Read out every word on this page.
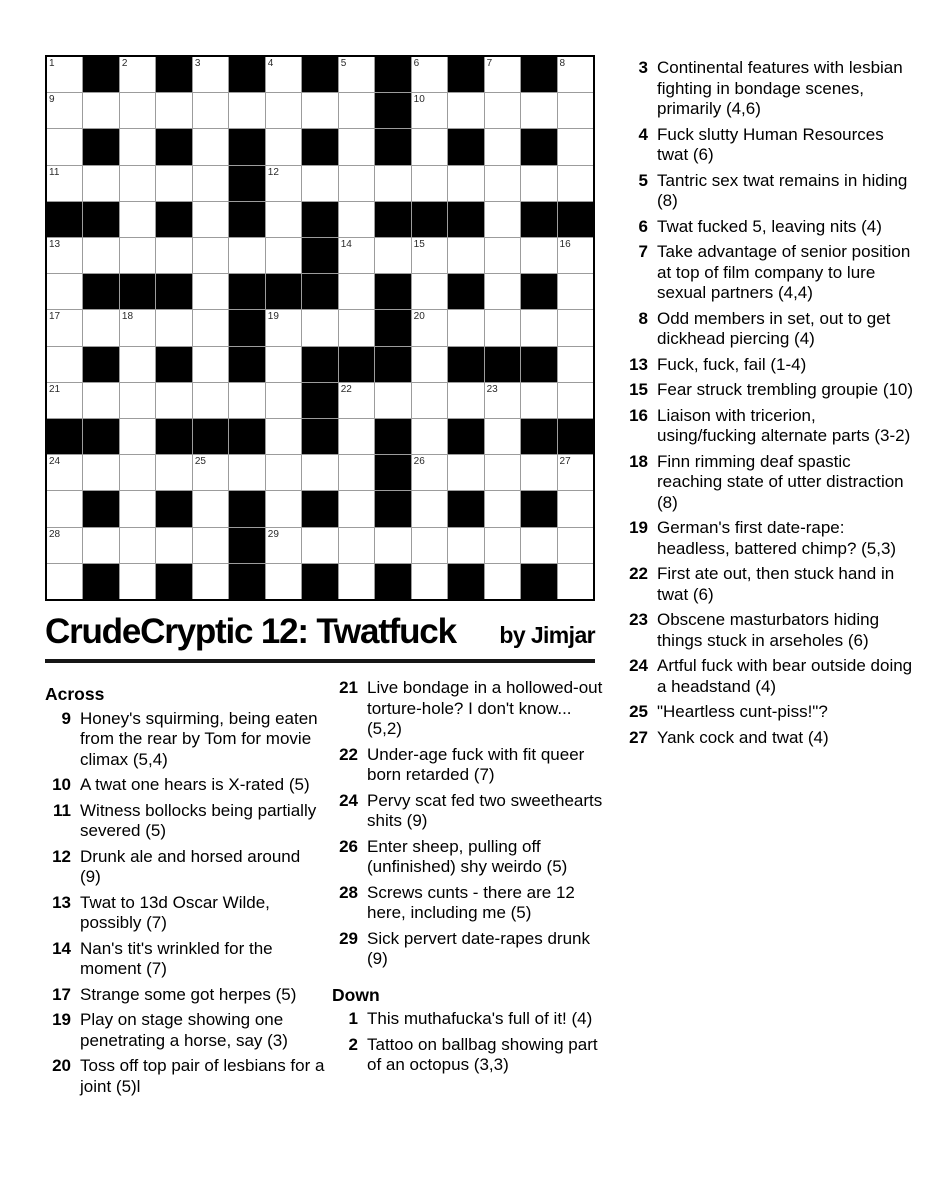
1	2	3	4	5	6	7	8
9	10
11	12
13	14	15	16
17	18	19	20
21	22	23
24	25	26	27
28	29
CrudeCryptic 12: Twatfuck by Jimjar
Across
9 Honey's squirming, being eaten from the rear by Tom for movie climax (5,4)
10 A twat one hears is X-rated (5)
11 Witness bollocks being partially severed (5)
12 Drunk ale and horsed around (9)
13 Twat to 13d Oscar Wilde, possibly (7)
14 Nan's tit's wrinkled for the moment (7)
17 Strange some got herpes (5)
19 Play on stage showing one penetrating a horse, say (3)
20 Toss off top pair of lesbians for a joint (5)l
21 Live bondage in a hollowed-out torture-hole? I don't know... (5,2)
22 Under-age fuck with fit queer born retarded (7)
24 Pervy scat fed two sweethearts shits (9)
26 Enter sheep, pulling off (unfinished) shy weirdo (5)
28 Screws cunts - there are 12 here, including me (5)
29 Sick pervert date-rapes drunk (9)
Down
1 This muthafucka's full of it! (4)
2 Tattoo on ballbag showing part of an octopus (3,3)
3 Continental features with lesbian fighting in bondage scenes, primarily (4,6)
4 Fuck slutty Human Resources twat (6)
5 Tantric sex twat remains in hiding (8)
6 Twat fucked 5, leaving nits (4)
7 Take advantage of senior position at top of film company to lure sexual partners (4,4)
8 Odd members in set, out to get dickhead piercing (4)
13 Fuck, fuck, fail (1-4)
15 Fear struck trembling groupie (10)
16 Liaison with tricerion, using/fucking alternate parts (3-2)
18 Finn rimming deaf spastic reaching state of utter distraction (8)
19 German's first date-rape: headless, battered chimp? (5,3)
22 First ate out, then stuck hand in twat (6)
23 Obscene masturbators hiding things stuck in arseholes (6)
24 Artful fuck with bear outside doing a headstand (4)
25 "Heartless cunt-piss!"?
27 Yank cock and twat (4)
